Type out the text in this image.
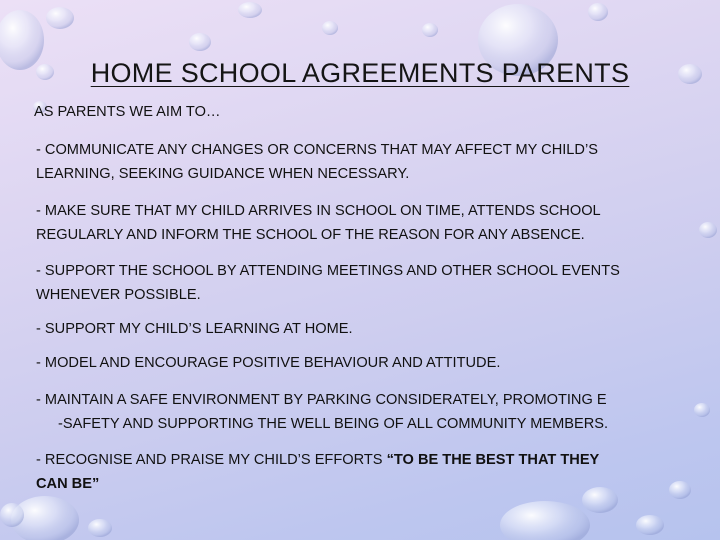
HOME SCHOOL AGREEMENTS PARENTS
AS PARENTS WE AIM TO…
- COMMUNICATE ANY CHANGES OR CONCERNS THAT MAY AFFECT MY CHILD’S
LEARNING, SEEKING GUIDANCE WHEN NECESSARY.
- MAKE SURE THAT MY CHILD ARRIVES IN SCHOOL ON TIME, ATTENDS SCHOOL
REGULARLY AND INFORM THE SCHOOL OF THE REASON FOR ANY ABSENCE.
- SUPPORT THE SCHOOL BY ATTENDING MEETINGS AND OTHER SCHOOL EVENTS
WHENEVER POSSIBLE.
- SUPPORT MY CHILD’S LEARNING AT HOME.
- MODEL AND ENCOURAGE POSITIVE BEHAVIOUR AND ATTITUDE.
- MAINTAIN A SAFE ENVIRONMENT BY PARKING CONSIDERATELY, PROMOTING E
-SAFETY AND SUPPORTING THE WELL BEING OF ALL COMMUNITY MEMBERS.
- RECOGNISE AND PRAISE MY CHILD’S EFFORTS “TO BE THE BEST THAT THEY
CAN BE”
